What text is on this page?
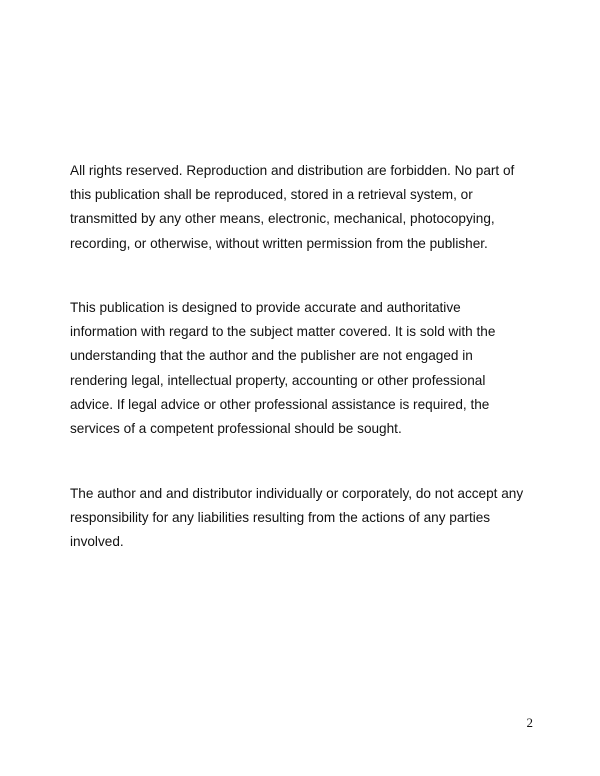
All rights reserved. Reproduction and distribution are forbidden. No part of
this publication shall be reproduced, stored in a retrieval system, or
transmitted by any other means, electronic, mechanical, photocopying,
recording, or otherwise, without written permission from the publisher.

This publication is designed to provide accurate and authoritative
information with regard to the subject matter covered. It is sold with the
understanding that the author and the publisher are not engaged in
rendering legal, intellectual property, accounting or other professional
advice. If legal advice or other professional assistance is required, the
services of a competent professional should be sought.

The author and and distributor individually or corporately, do not accept any
responsibility for any liabilities resulting from the actions of any parties
involved.

2
